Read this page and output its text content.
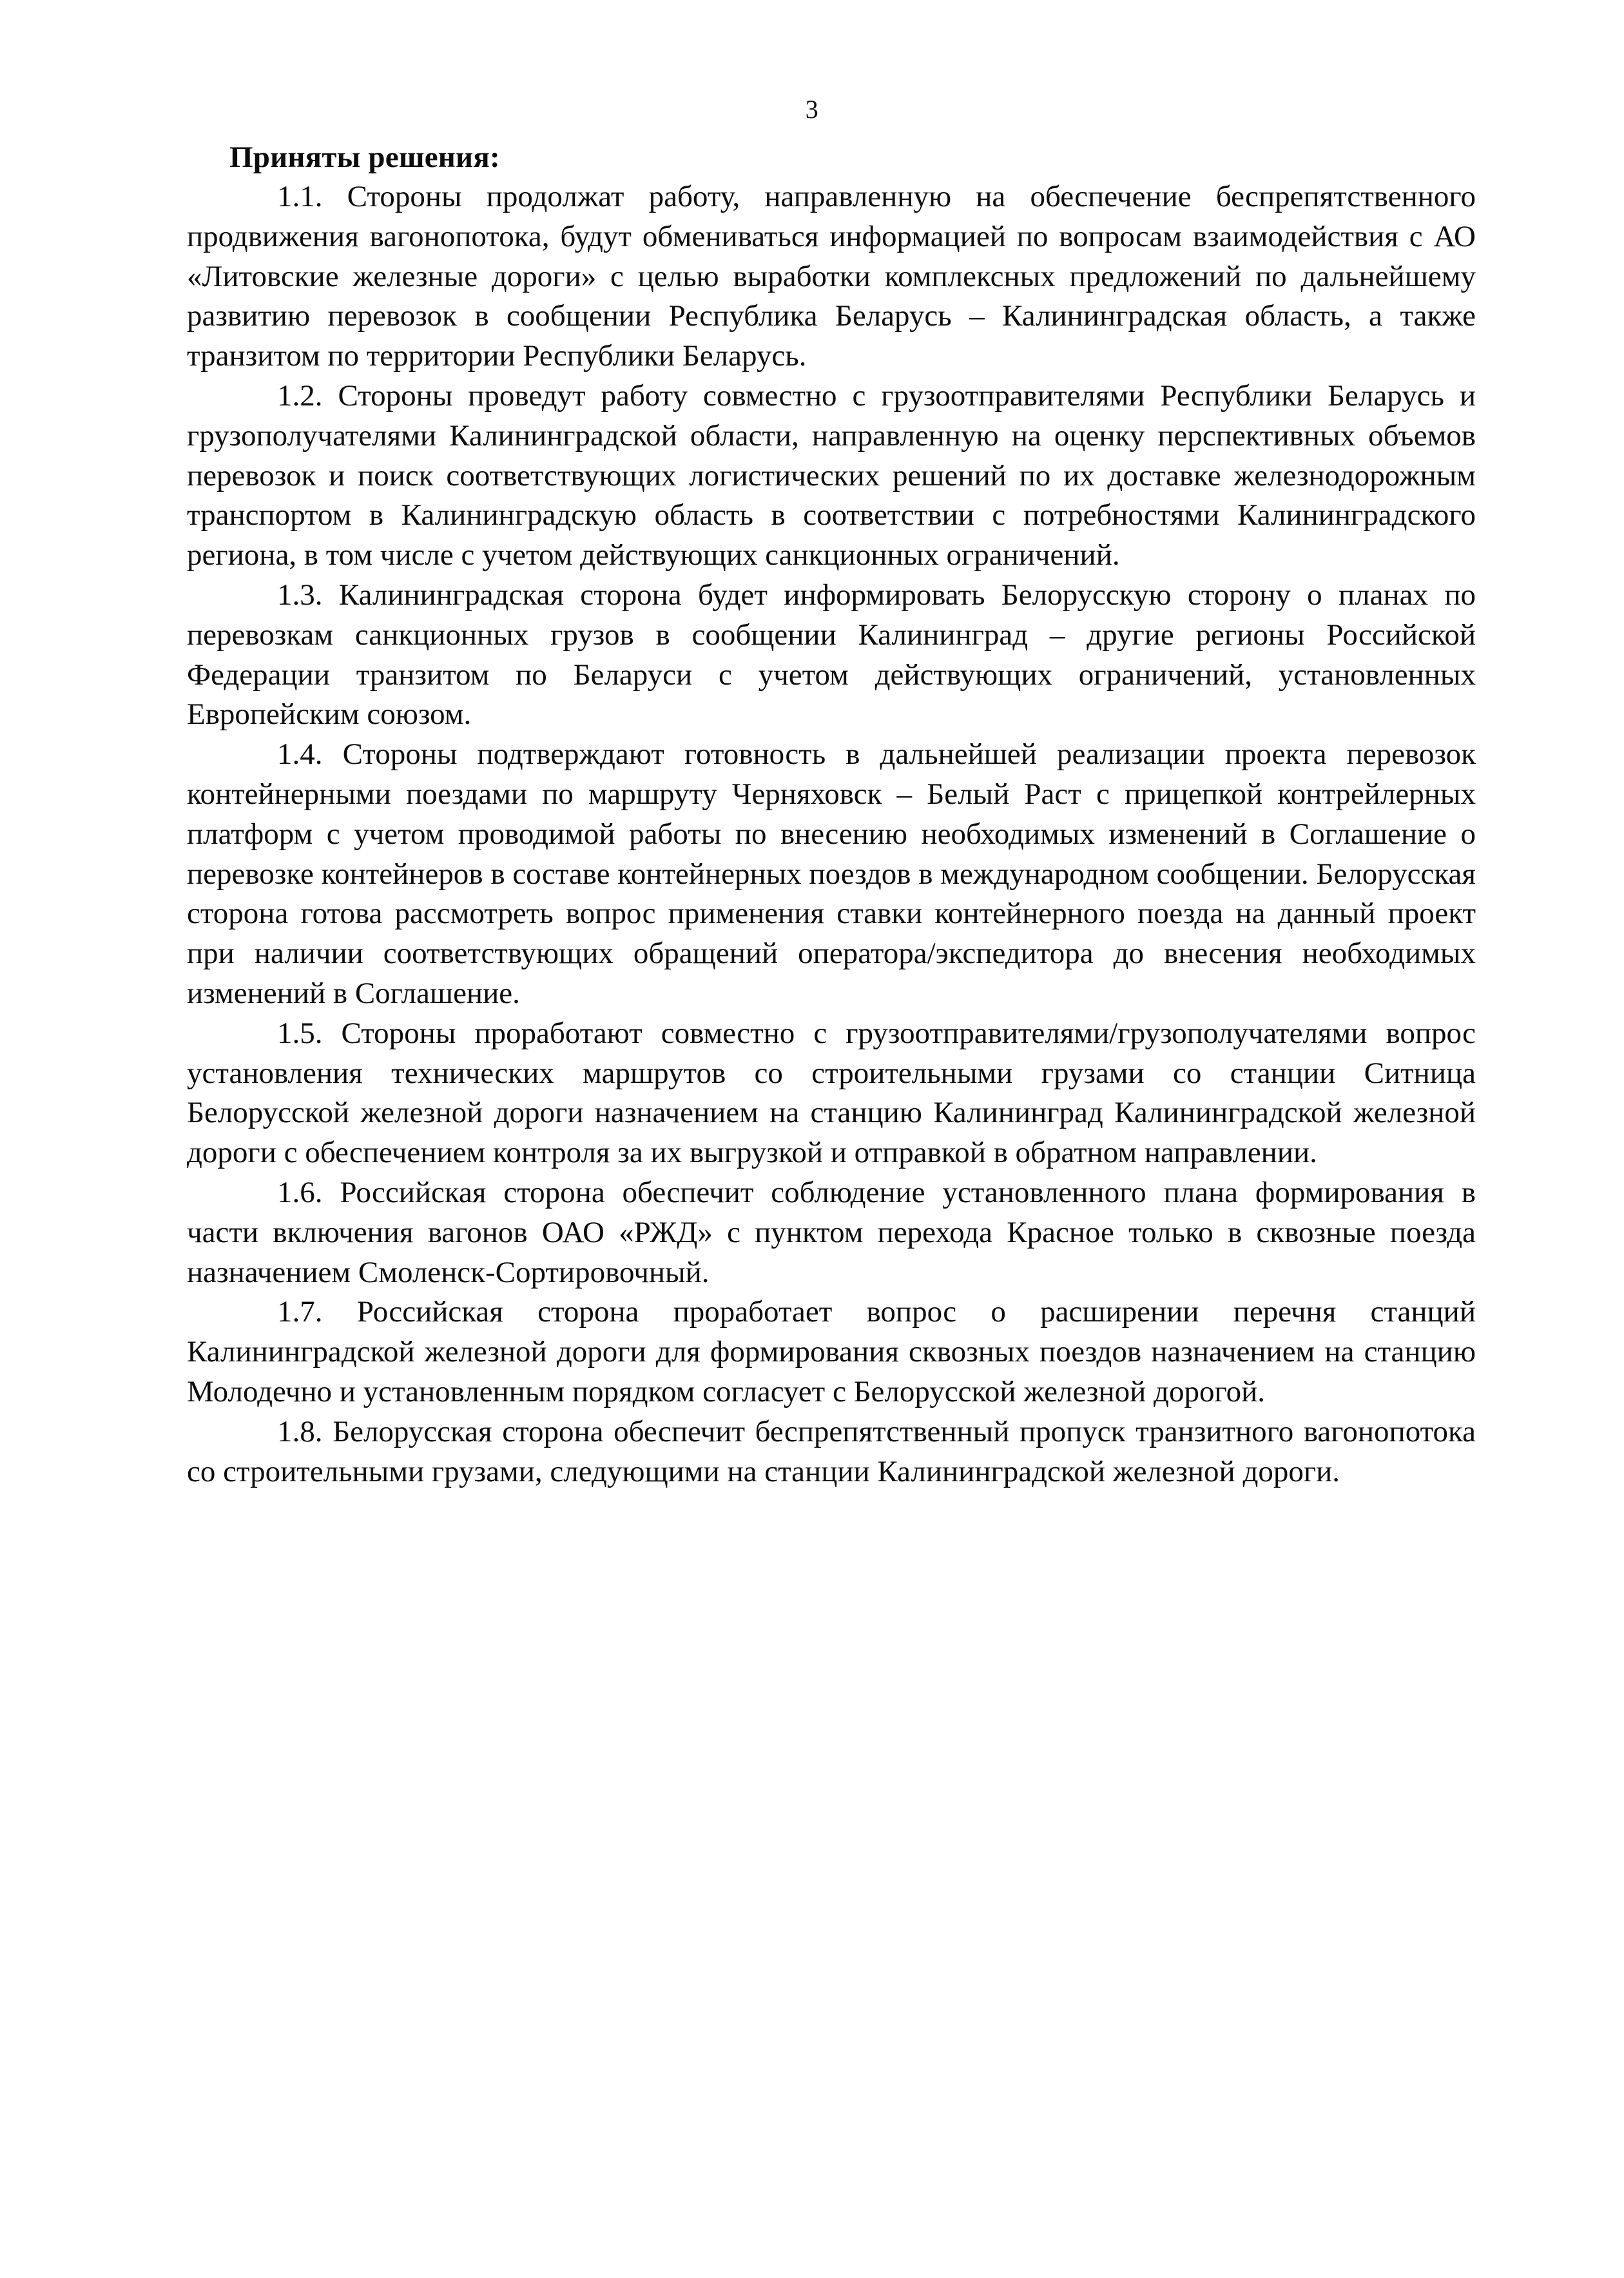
3
Приняты решения:

1.1. Стороны продолжат работу, направленную на обеспечение беспрепятственного продвижения вагонопотока, будут обмениваться информацией по вопросам взаимодействия с АО «Литовские железные дороги» с целью выработки комплексных предложений по дальнейшему развитию перевозок в сообщении Республика Беларусь – Калининградская область, а также транзитом по территории Республики Беларусь.

1.2. Стороны проведут работу совместно с грузоотправителями Республики Беларусь и грузополучателями Калининградской области, направленную на оценку перспективных объемов перевозок и поиск соответствующих логистических решений по их доставке железнодорожным транспортом в Калининградскую область в соответствии с потребностями Калининградского региона, в том числе с учетом действующих санкционных ограничений.

1.3. Калининградская сторона будет информировать Белорусскую сторону о планах по перевозкам санкционных грузов в сообщении Калининград – другие регионы Российской Федерации транзитом по Беларуси с учетом действующих ограничений, установленных Европейским союзом.

1.4. Стороны подтверждают готовность в дальнейшей реализации проекта перевозок контейнерными поездами по маршруту Черняховск – Белый Раст с прицепкой контрейлерных платформ с учетом проводимой работы по внесению необходимых изменений в Соглашение о перевозке контейнеров в составе контейнерных поездов в международном сообщении. Белорусская сторона готова рассмотреть вопрос применения ставки контейнерного поезда на данный проект при наличии соответствующих обращений оператора/экспедитора до внесения необходимых изменений в Соглашение.

1.5. Стороны проработают совместно с грузоотправителями/грузополучателями вопрос установления технических маршрутов со строительными грузами со станции Ситница Белорусской железной дороги назначением на станцию Калининград Калининградской железной дороги с обеспечением контроля за их выгрузкой и отправкой в обратном направлении.

1.6. Российская сторона обеспечит соблюдение установленного плана формирования в части включения вагонов ОАО «РЖД» с пунктом перехода Красное только в сквозные поезда назначением Смоленск-Сортировочный.

1.7. Российская сторона проработает вопрос о расширении перечня станций Калининградской железной дороги для формирования сквозных поездов назначением на станцию Молодечно и установленным порядком согласует с Белорусской железной дорогой.

1.8. Белорусская сторона обеспечит беспрепятственный пропуск транзитного вагонопотока со строительными грузами, следующими на станции Калининградской железной дороги.
